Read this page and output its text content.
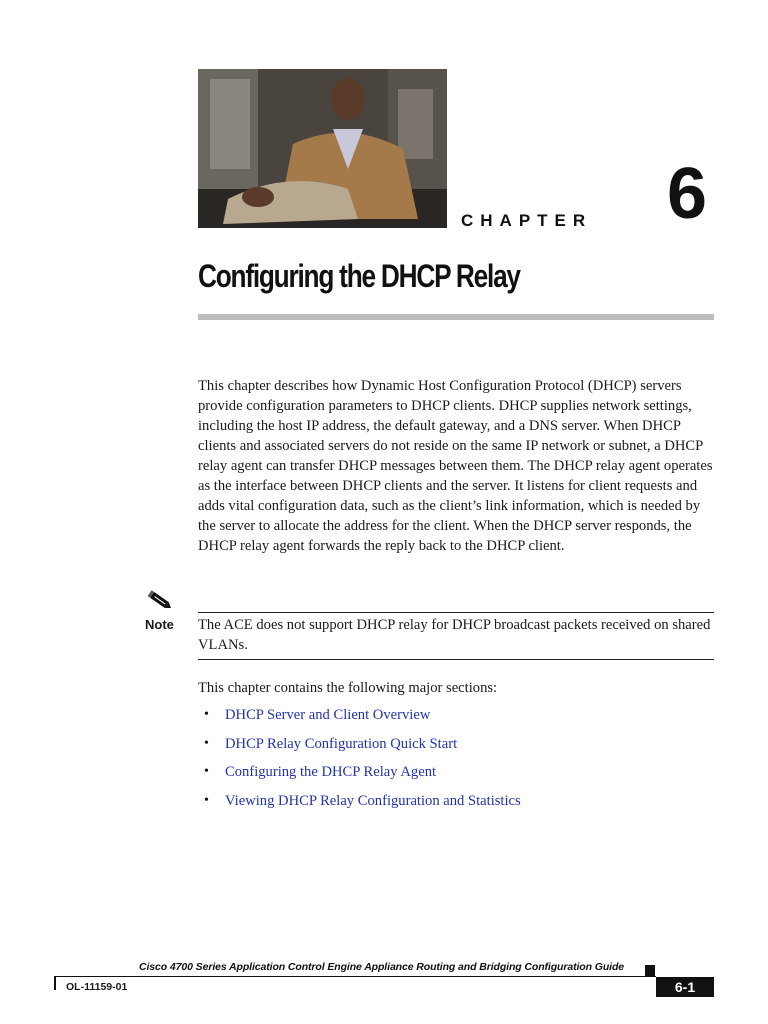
CHAPTER 6
Configuring the DHCP Relay

This chapter describes how Dynamic Host Configuration Protocol (DHCP) servers provide configuration parameters to DHCP clients. DHCP supplies network settings, including the host IP address, the default gateway, and a DNS server. When DHCP clients and associated servers do not reside on the same IP network or subnet, a DHCP relay agent can transfer DHCP messages between them. The DHCP relay agent operates as the interface between DHCP clients and the server. It listens for client requests and adds vital configuration data, such as the client’s link information, which is needed by the server to allocate the address for the client. When the DHCP server responds, the DHCP relay agent forwards the reply back to the DHCP client.

Note The ACE does not support DHCP relay for DHCP broadcast packets received on shared VLANs.

This chapter contains the following major sections:

• DHCP Server and Client Overview
• DHCP Relay Configuration Quick Start
• Configuring the DHCP Relay Agent
• Viewing DHCP Relay Configuration and Statistics
Cisco 4700 Series Application Control Engine Appliance Routing and Bridging Configuration Guide
OL-11159-01	6-1
